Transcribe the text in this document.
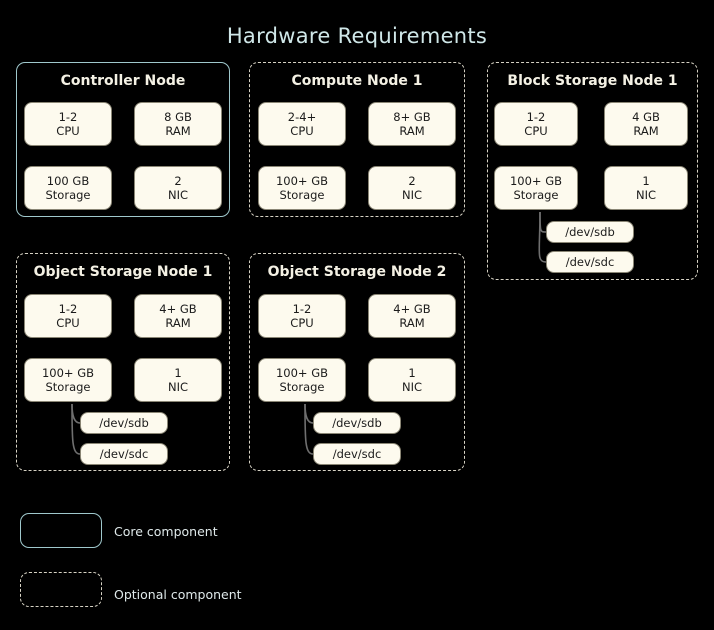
Hardware Requirements
Controller Node
1-2
CPU
8 GB
RAM
100 GB
Storage
2
NIC
Compute Node 1
2-4+
CPU
8+ GB
RAM
100+ GB
Storage
2
NIC
Block Storage Node 1
1-2
CPU
4 GB
RAM
100+ GB
Storage
1
NIC
/dev/sdb
/dev/sdc
Object Storage Node 1
1-2
CPU
4+ GB
RAM
100+ GB
Storage
1
NIC
/dev/sdb
/dev/sdc
Object Storage Node 2
1-2
CPU
4+ GB
RAM
100+ GB
Storage
1
NIC
/dev/sdb
/dev/sdc
Core component
Optional component
